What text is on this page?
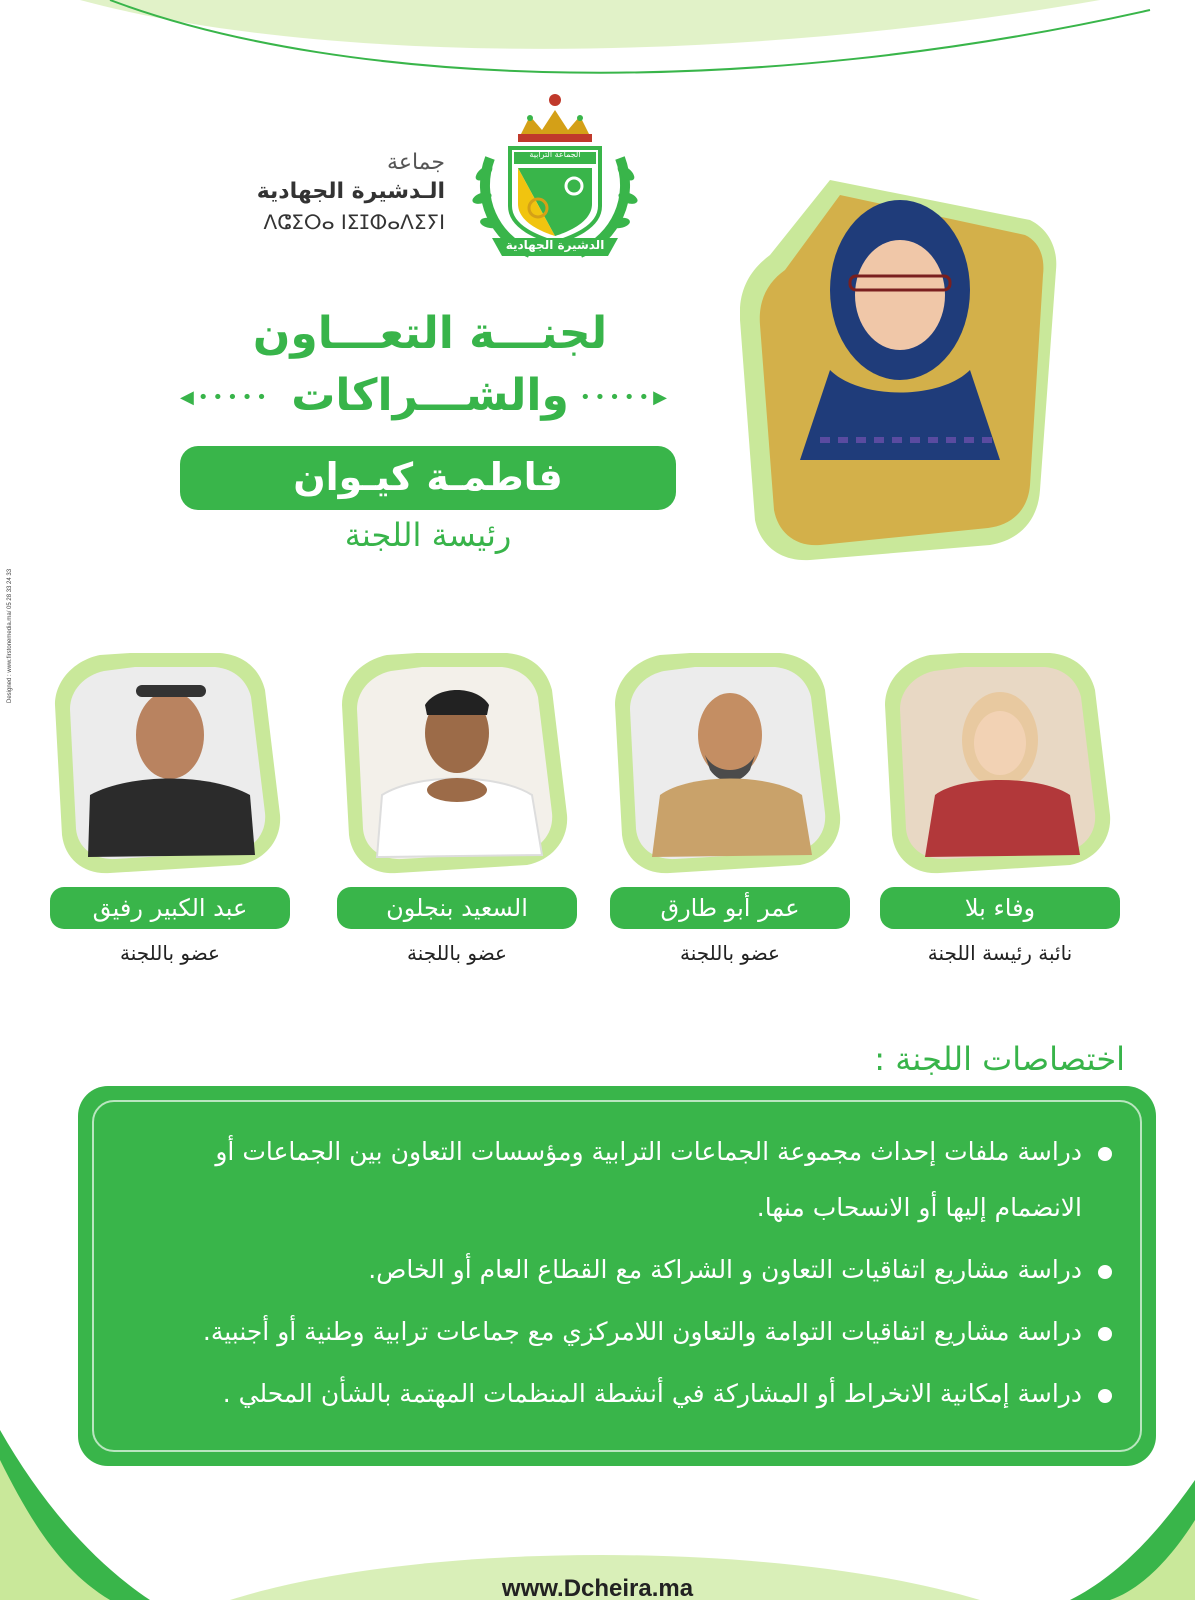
Designed : www.firstonemedia.ma/ 05 28 33 24 33
جماعة
الـدشيرة الجهادية
ⴷⵛⵉⵔⴰ ⵏⵉⵊⵀⴰⴷⵉⵢⵏ
الجماعة الترابية
الدشيرة الجهادية
لجنـــة التعـــاون
والشـــراكات
◀•••••	•••••▶
فاطمـة كيـوان
رئيسة اللجنة
وفاء بلا
نائبة رئيسة اللجنة
عمر أبو طارق
عضو باللجنة
السعيد بنجلون
عضو باللجنة
عبد الكبير رفيق
عضو باللجنة
اختصاصات اللجنة :
دراسة ملفات إحداث مجموعة الجماعات الترابية ومؤسسات التعاون بين الجماعات أو الانضمام إليها أو الانسحاب منها.
دراسة مشاريع اتفاقيات التعاون و الشراكة مع القطاع العام أو الخاص.
دراسة مشاريع اتفاقيات التوامة والتعاون اللامركزي مع جماعات ترابية وطنية أو أجنبية.
دراسة إمكانية الانخراط أو المشاركة في أنشطة المنظمات المهتمة بالشأن المحلي .
www.Dcheira.ma
